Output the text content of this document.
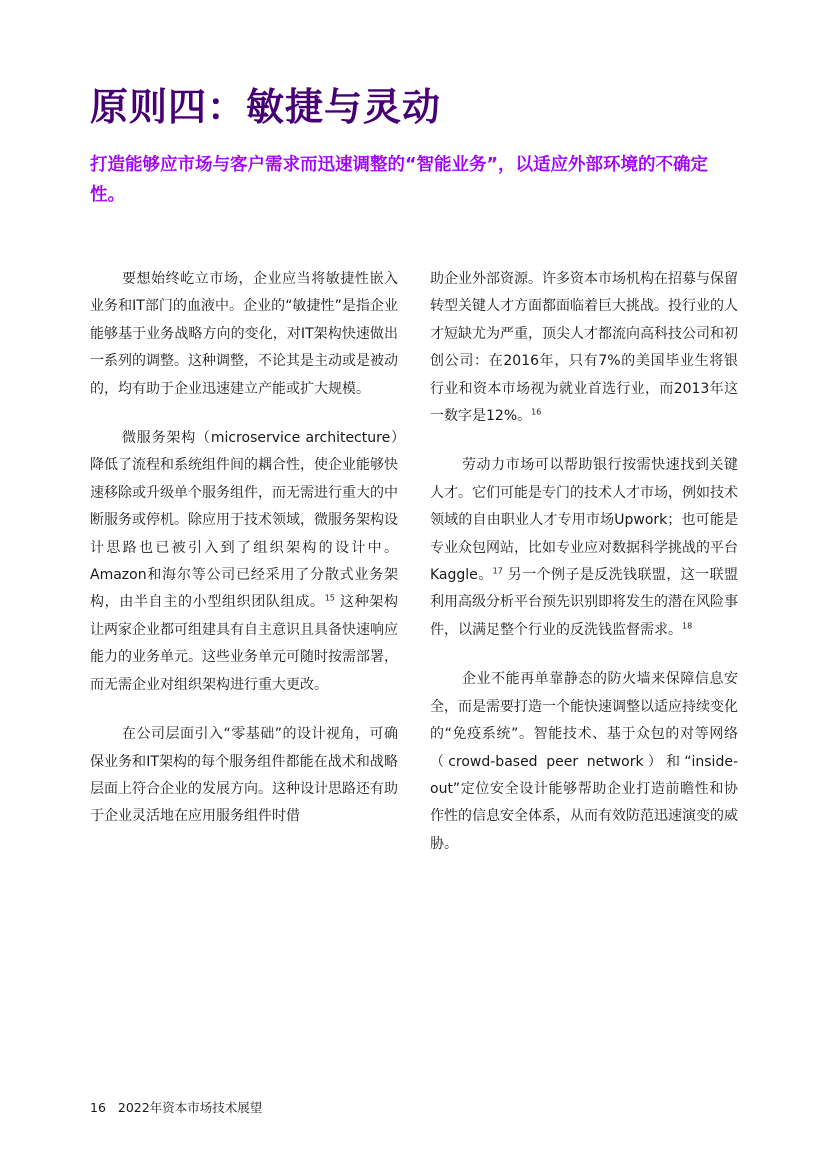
原则四：敏捷与灵动
打造能够应市场与客户需求而迅速调整的“智能业务”，以适应外部环境的不确定性。

要想始终屹立市场，企业应当将敏捷性嵌入业务和IT部门的血液中。企业的“敏捷性”是指企业能够基于业务战略方向的变化，对IT架构快速做出一系列的调整。这种调整，不论其是主动或是被动的，均有助于企业迅速建立产能或扩大规模。

微服务架构（microservice architecture）降低了流程和系统组件间的耦合性，使企业能够快速移除或升级单个服务组件，而无需进行重大的中断服务或停机。除应用于技术领域，微服务架构设计思路也已被引入到了组织架构的设计中。Amazon和海尔等公司已经采用了分散式业务架构，由半自主的小型组织团队组成。$^{15}$ 这种架构让两家企业都可组建具有自主意识且具备快速响应能力的业务单元。这些业务单元可随时按需部署，而无需企业对组织架构进行重大更改。

在公司层面引入“零基础”的设计视角，可确保业务和IT架构的每个服务组件都能在战术和战略层面上符合企业的发展方向。这种设计思路还有助于企业灵活地在应用服务组件时借

助企业外部资源。许多资本市场机构在招募与保留转型关键人才方面都面临着巨大挑战。投行业的人才短缺尤为严重，顶尖人才都流向高科技公司和初创公司：在2016年，只有7%的美国毕业生将银行业和资本市场视为就业首选行业，而2013年这一数字是12%。$^{16}$

劳动力市场可以帮助银行按需快速找到关键人才。它们可能是专门的技术人才市场，例如技术领域的自由职业人才专用市场Upwork；也可能是专业众包网站，比如专业应对数据科学挑战的平台Kaggle。$^{17}$ 另一个例子是反洗钱联盟，这一联盟利用高级分析平台预先识别即将发生的潜在风险事件，以满足整个行业的反洗钱监督需求。$^{18}$

企业不能再单靠静态的防火墙来保障信息安全，而是需要打造一个能快速调整以适应持续变化的“免疫系统”。智能技术、基于众包的对等网络（crowd-based peer network）和“inside-out”定位安全设计能够帮助企业打造前瞻性和协作性的信息安全体系，从而有效防范迅速演变的威胁。

16 2022年资本市场技术展望
